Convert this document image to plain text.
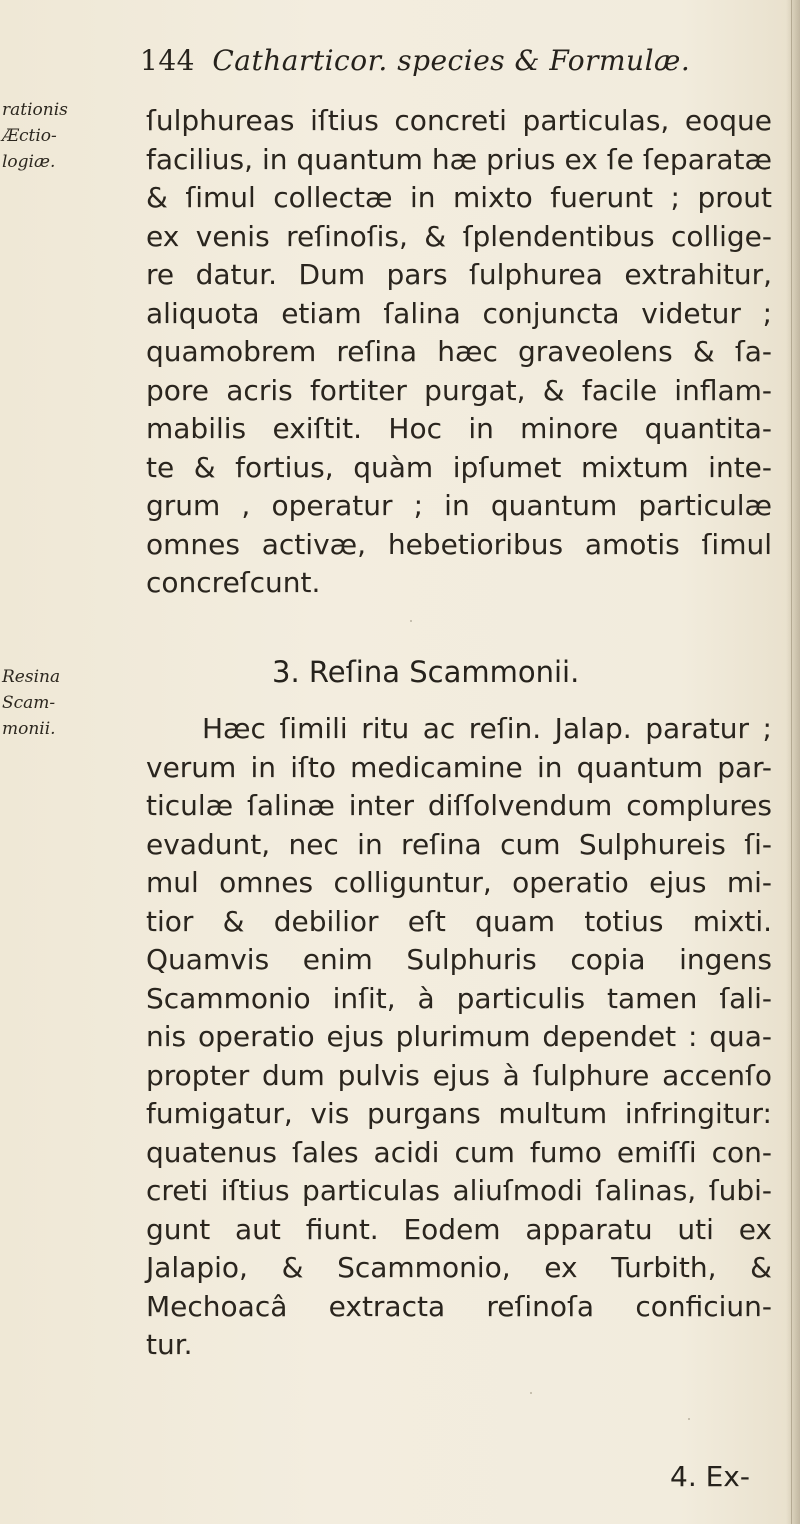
144 Catharticor. species & Formulæ.
rationis
Æctio-
logiæ.
ſulphureas iſtius concreti particulas, eoque
facilius, in quantum hæ prius ex ſe ſeparatæ
& ſimul collectæ in mixto fuerunt ; prout
ex venis reſinoſis, & ſplendentibus collige-
re datur. Dum pars ſulphurea extrahitur,
aliquota etiam ſalina conjuncta videtur ;
quamobrem reſina hæc graveolens & ſa-
pore acris fortiter purgat, & facile inflam-
mabilis exiſtit. Hoc in minore quantita-
te & fortius, quàm ipſumet mixtum inte-
grum , operatur ; in quantum particulæ
omnes activæ, hebetioribus amotis ſimul
concreſcunt.
3. Reſina Scammonii.
Resina
Scam-
monii.	Hæc ſimili ritu ac reſin. Jalap. paratur ;
verum in iſto medicamine in quantum par-
ticulæ ſalinæ inter diſſolvendum complures
evadunt, nec in reſina cum Sulphureis ſi-
mul omnes colliguntur, operatio ejus mi-
tior & debilior eſt quam totius mixti.
Quamvis enim Sulphuris copia ingens
Scammonio inſit, à particulis tamen ſali-
nis operatio ejus plurimum dependet : qua-
propter dum pulvis ejus à ſulphure accenſo
fumigatur, vis purgans multum infringitur:
quatenus ſales acidi cum fumo emiſſi con-
creti iſtius particulas aliuſmodi ſalinas, ſubi-
gunt aut fiunt. Eodem apparatu uti ex
Jalapio, & Scammonio, ex Turbith, &
Mechoacâ extracta reſinoſa conficiun-
tur.
4. Ex-
